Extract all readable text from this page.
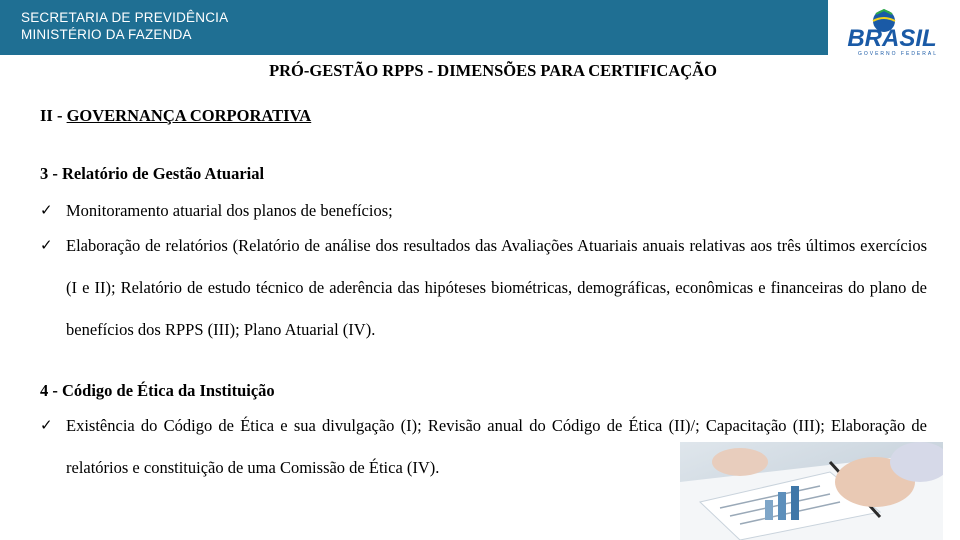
SECRETARIA DE PREVIDÊNCIA
MINISTÉRIO DA FAZENDA	BRASIL
GOVERNO FEDERAL
PRÓ-GESTÃO RPPS - DIMENSÕES PARA CERTIFICAÇÃO
II - GOVERNANÇA CORPORATIVA
3 - Relatório de Gestão Atuarial
✓ Monitoramento atuarial dos planos de benefícios;
✓ Elaboração de relatórios (Relatório de análise dos resultados das Avaliações Atuariais anuais relativas aos três últimos exercícios (I e II); Relatório de estudo técnico de aderência das hipóteses biométricas, demográficas, econômicas e financeiras do plano de benefícios dos RPPS (III); Plano Atuarial (IV).
4 - Código de Ética da Instituição
✓ Existência do Código de Ética e sua divulgação (I); Revisão anual do Código de Ética (II)/; Capacitação (III); Elaboração de relatórios e constituição de uma Comissão de Ética (IV).
